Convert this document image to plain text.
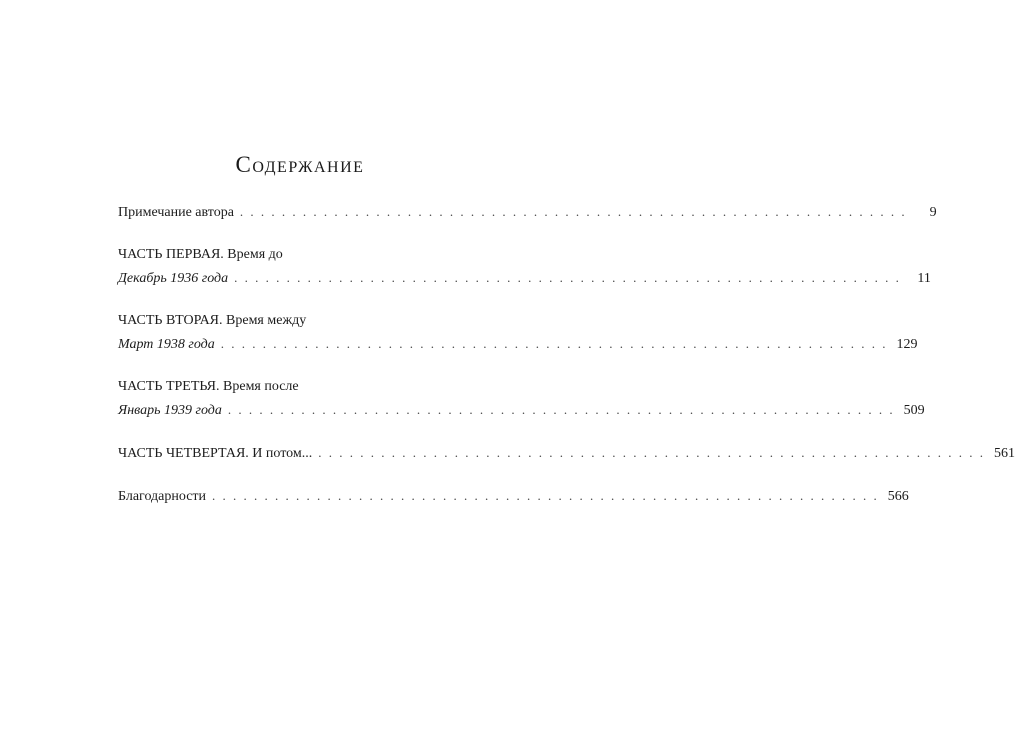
Содержание
Примечание автора . . . . . . . . . . . . . . . . . . . . . . . . . . . . . . . . . . . . . . . . . . . . . . . . . . . . . . . . . . . . . . . .	9
ЧАСТЬ ПЕРВАЯ. Время до
Декабрь 1936 года . . . . . . . . . . . . . . . . . . . . . . . . . . . . . . . . . . . . . . . . . . . . . . . . . . . . . . . . . . . . . . . .	11
ЧАСТЬ ВТОРАЯ. Время между
Март 1938 года . . . . . . . . . . . . . . . . . . . . . . . . . . . . . . . . . . . . . . . . . . . . . . . . . . . . . . . . . . . . . . . . 129
ЧАСТЬ ТРЕТЬЯ. Время после
Январь 1939 года . . . . . . . . . . . . . . . . . . . . . . . . . . . . . . . . . . . . . . . . . . . . . . . . . . . . . . . . . . . . . . . . 509
ЧАСТЬ ЧЕТВЕРТАЯ. И потом... . . . . . . . . . . . . . . . . . . . . . . . . . . . . . . . . . . . . . . . . . . . . . . . . . . . . . . . . . . . . . . . . 561
Благодарности . . . . . . . . . . . . . . . . . . . . . . . . . . . . . . . . . . . . . . . . . . . . . . . . . . . . . . . . . . . . . . . . 566
